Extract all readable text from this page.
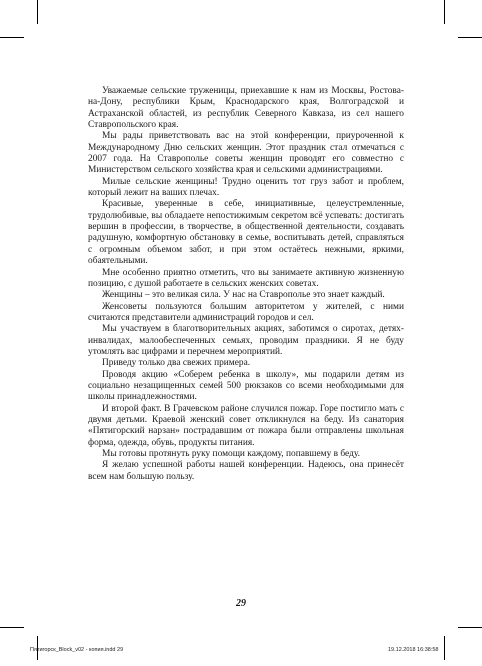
Уважаемые сельские труженицы, приехавшие к нам из Москвы, Ростова-на-Дону, республики Крым, Краснодарского края, Волгоградской и Астраханской областей, из республик Северного Кавказа, из сел нашего Ставропольского края.

Мы рады приветствовать вас на этой конференции, приуроченной к Международному Дню сельских женщин. Этот праздник стал отмечаться с 2007 года. На Ставрополье советы женщин проводят его совместно с Министерством сельского хозяйства края и сельскими администрациями.

Милые сельские женщины! Трудно оценить тот груз забот и проблем, который лежит на ваших плечах.

Красивые, уверенные в себе, инициативные, целеустремленные, трудолюбивые, вы обладаете непостижимым секретом всё успевать: достигать вершин в профессии, в творчестве, в общественной деятельности, создавать радушную, комфортную обстановку в семье, воспитывать детей, справляться с огромным объемом забот, и при этом остаётесь нежными, яркими, обаятельными.

Мне особенно приятно отметить, что вы занимаете активную жизненную позицию, с душой работаете в сельских женских советах.

Женщины – это великая сила. У нас на Ставрополье это знает каждый.

Женсоветы пользуются большим авторитетом у жителей, с ними считаются представители администраций городов и сел.

Мы участвуем в благотворительных акциях, заботимся о сиротах, детях-инвалидах, малообеспеченных семьях, проводим праздники. Я не буду утомлять вас цифрами и перечнем мероприятий.

Приведу только два свежих примера.

Проводя акцию «Соберем ребенка в школу», мы подарили детям из социально незащищенных семей 500 рюкзаков со всеми необходимыми для школы принадлежностями.

И второй факт. В Грачевском районе случился пожар. Горе постигло мать с двумя детьми. Краевой женский совет откликнулся на беду. Из санатория «Пятигорский нарзан» пострадавшим от пожара были отправлены школьная форма, одежда, обувь, продукты питания.

Мы готовы протянуть руку помощи каждому, попавшему в беду.

Я желаю успешной работы нашей конференции. Надеюсь, она принесёт всем нам большую пользу.

29
Пятигорск_Block_v02 - копия.indd 29	19.12.2018 16:38:58
